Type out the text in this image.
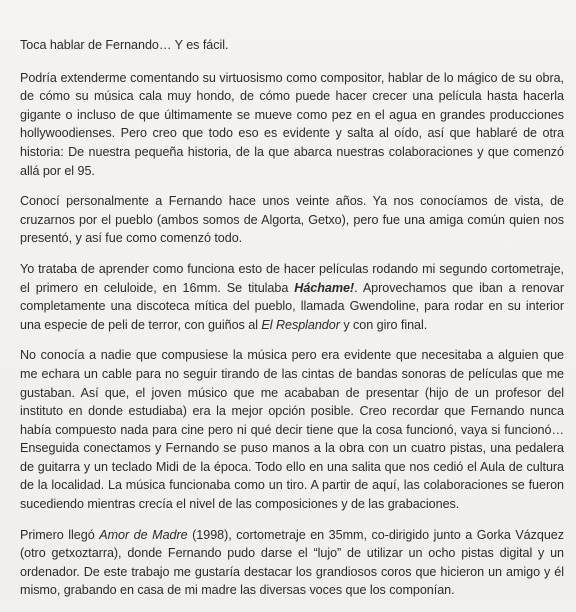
Toca hablar de Fernando… Y es fácil.

Podría extenderme comentando su virtuosismo como compositor, hablar de lo mágico de su obra, de cómo su música cala muy hondo, de cómo puede hacer crecer una película hasta hacerla gigante o incluso de que últimamente se mueve como pez en el agua en grandes producciones hollywoodienses. Pero creo que todo eso es evidente y salta al oído, así que hablaré de otra historia: De nuestra pequeña historia, de la que abarca nuestras colaboraciones y que comenzó allá por el 95.

Conocí personalmente a Fernando hace unos veinte años. Ya nos conocíamos de vista, de cruzarnos por el pueblo (ambos somos de Algorta, Getxo), pero fue una amiga común quien nos presentó, y así fue como comenzó todo.

Yo trataba de aprender como funciona esto de hacer películas rodando mi segundo cortometraje, el primero en celuloide, en 16mm. Se titulaba Háchame!. Aprovechamos que iban a renovar completamente una discoteca mítica del pueblo, llamada Gwendoline, para rodar en su interior una especie de peli de terror, con guiños al El Resplandor y con giro final.

No conocía a nadie que compusiese la música pero era evidente que necesitaba a alguien que me echara un cable para no seguir tirando de las cintas de bandas sonoras de películas que me gustaban. Así que, el joven músico que me acababan de presentar (hijo de un profesor del instituto en donde estudiaba) era la mejor opción posible. Creo recordar que Fernando nunca había compuesto nada para cine pero ni qué decir tiene que la cosa funcionó, vaya si funcionó… Enseguida conectamos y Fernando se puso manos a la obra con un cuatro pistas, una pedalera de guitarra y un teclado Midi de la época. Todo ello en una salita que nos cedió el Aula de cultura de la localidad. La música funcionaba como un tiro. A partir de aquí, las colaboraciones se fueron sucediendo mientras crecía el nivel de las composiciones y de las grabaciones.

Primero llegó Amor de Madre (1998), cortometraje en 35mm, co-dirigido junto a Gorka Vázquez (otro getxoztarra), donde Fernando pudo darse el “lujo” de utilizar un ocho pistas digital y un ordenador. De este trabajo me gustaría destacar los grandiosos coros que hicieron un amigo y él mismo, grabando en casa de mi madre las diversas voces que los componían.
